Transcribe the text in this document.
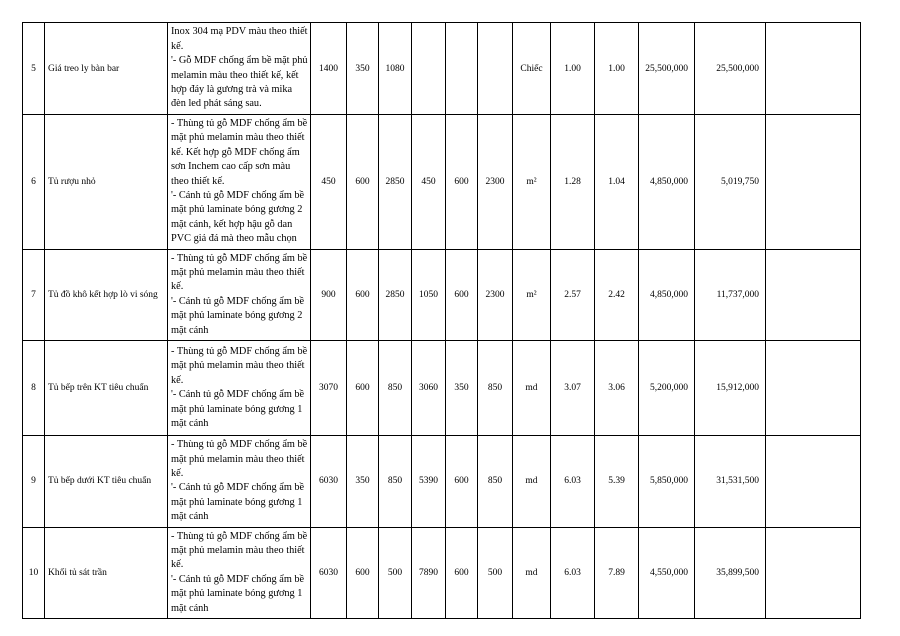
5	Giá treo ly bàn bar	Inox 304 mạ PDV màu theo thiết kế.
'- Gỗ MDF chống ẩm bề mặt phủ melamin màu theo thiết kế, kết hợp đáy là gương trà và mika đèn led phát sáng sau.	1400	350	1080				Chiếc	1.00	1.00	25,500,000	25,500,000	
6	Tủ rượu nhỏ	- Thùng tủ gỗ MDF chống ẩm bề mặt phủ melamin màu theo thiết kế. Kết hợp gỗ MDF chống ẩm sơn Inchem cao cấp sơn màu theo thiết kế.
'- Cánh tủ gỗ MDF chống ẩm bề mặt phủ laminate bóng gương 2 mặt cánh, kết hợp hậu gỗ dan PVC giả đá mà theo mẫu chọn	450	600	2850	450	600	2300	m²	1.28	1.04	4,850,000	5,019,750	
7	Tủ đồ khô kết hợp lò vi sóng	- Thùng tủ gỗ MDF chống ẩm bề mặt phủ melamin màu theo thiết kế.
'- Cánh tủ gỗ MDF chống ẩm bề mặt phủ laminate bóng gương 2 mặt cánh	900	600	2850	1050	600	2300	m²	2.57	2.42	4,850,000	11,737,000	
8	Tủ bếp trên KT tiêu chuẩn	- Thùng tủ gỗ MDF chống ẩm bề mặt phủ melamin màu theo thiết kế.
'- Cánh tủ gỗ MDF chống ẩm bề mặt phủ laminate bóng gương 1 mặt cánh	3070	600	850	3060	350	850	md	3.07	3.06	5,200,000	15,912,000	
9	Tủ bếp dưới KT tiêu chuẩn	- Thùng tủ gỗ MDF chống ẩm bề mặt phủ melamin màu theo thiết kế.
'- Cánh tủ gỗ MDF chống ẩm bề mặt phủ laminate bóng gương 1 mặt cánh	6030	350	850	5390	600	850	md	6.03	5.39	5,850,000	31,531,500	
10	Khối tủ sát trần	- Thùng tủ gỗ MDF chống ẩm bề mặt phủ melamin màu theo thiết kế.
'- Cánh tủ gỗ MDF chống ẩm bề mặt phủ laminate bóng gương 1 mặt cánh	6030	600	500	7890	600	500	md	6.03	7.89	4,550,000	35,899,500	
